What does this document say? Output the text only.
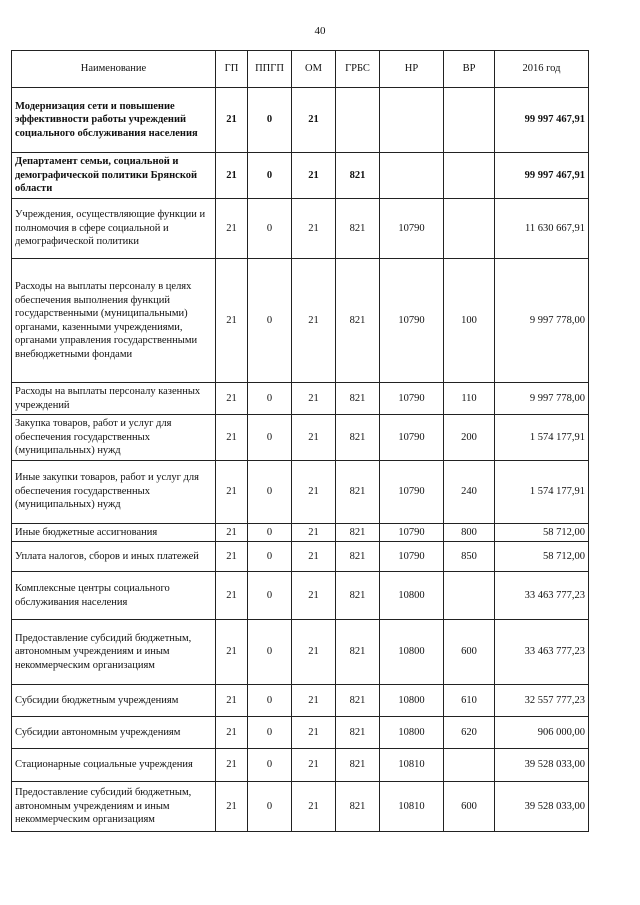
40
Наименование	ГП	ППГП	ОМ	ГРБС	НР	ВР	2016 год
Модернизация сети и повышение эффективности работы учреждений социального обслуживания населения	21	0	21				99 997 467,91
Департамент семьи, социальной и демографической политики Брянской области	21	0	21	821			99 997 467,91
Учреждения, осуществляющие функции и полномочия в сфере социальной и демографической политики	21	0	21	821	10790		11 630 667,91
Расходы на выплаты персоналу в целях обеспечения выполнения функций государственными (муниципальными) органами, казенными учреждениями, органами управления государственными внебюджетными фондами	21	0	21	821	10790	100	9 997 778,00
Расходы на выплаты персоналу казенных учреждений	21	0	21	821	10790	110	9 997 778,00
Закупка товаров, работ и услуг для обеспечения государственных (муниципальных) нужд	21	0	21	821	10790	200	1 574 177,91
Иные закупки товаров, работ и услуг для обеспечения государственных (муниципальных) нужд	21	0	21	821	10790	240	1 574 177,91
Иные бюджетные ассигнования	21	0	21	821	10790	800	58 712,00
Уплата налогов, сборов и иных платежей	21	0	21	821	10790	850	58 712,00
Комплексные центры социального обслуживания населения	21	0	21	821	10800		33 463 777,23
Предоставление субсидий бюджетным, автономным учреждениям и иным некоммерческим организациям	21	0	21	821	10800	600	33 463 777,23
Субсидии бюджетным учреждениям	21	0	21	821	10800	610	32 557 777,23
Субсидии автономным учреждениям	21	0	21	821	10800	620	906 000,00
Стационарные социальные учреждения	21	0	21	821	10810		39 528 033,00
Предоставление субсидий бюджетным, автономным учреждениям и иным некоммерческим организациям	21	0	21	821	10810	600	39 528 033,00
